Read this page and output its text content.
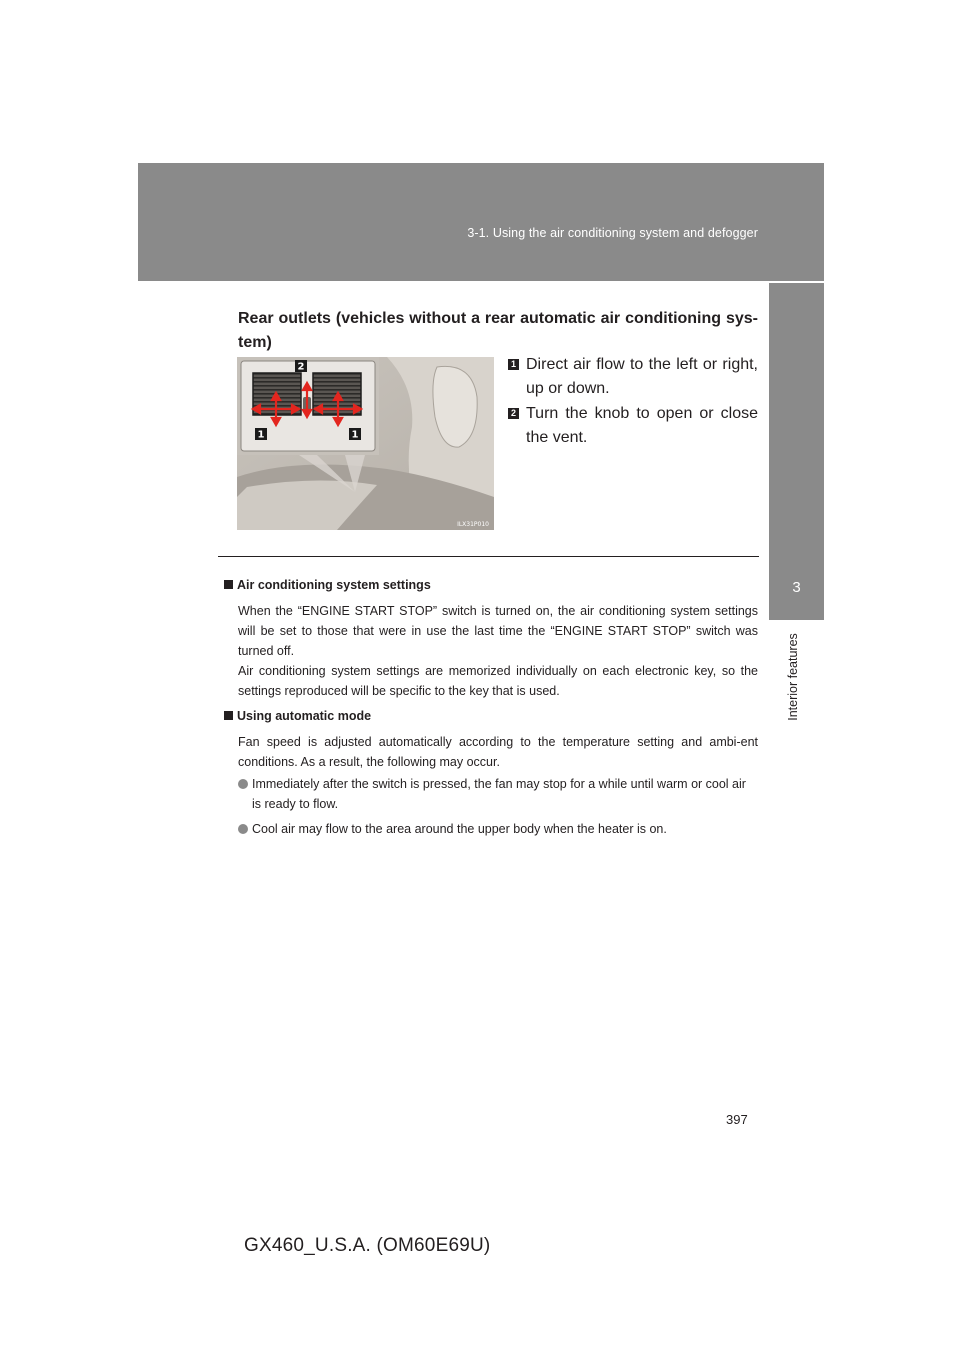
3-1. Using the air conditioning system and defogger
3
Interior features
Rear outlets (vehicles without a rear automatic air conditioning sys-tem)
2
1	1
ILX31P010
1 Direct air flow to the left or right, up or down.
2 Turn the knob to open or close the vent.
Air conditioning system settings

When the “ENGINE START STOP” switch is turned on, the air conditioning system settings will be set to those that were in use the last time the “ENGINE START STOP” switch was turned off.

Air conditioning system settings are memorized individually on each electronic key, so the settings reproduced will be specific to the key that is used.

Using automatic mode

Fan speed is adjusted automatically according to the temperature setting and ambi-ent conditions. As a result, the following may occur.

Immediately after the switch is pressed, the fan may stop for a while until warm or cool air is ready to flow.
Cool air may flow to the area around the upper body when the heater is on.
397
GX460_U.S.A. (OM60E69U)
